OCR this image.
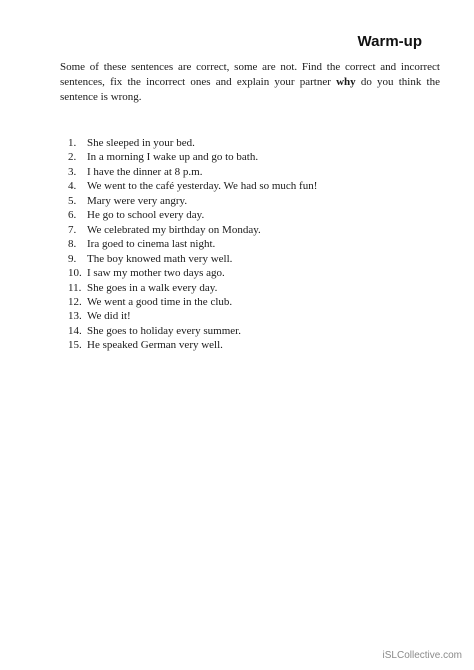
Warm-up

Some of these sentences are correct, some are not. Find the correct and incorrect sentences, fix the incorrect ones and explain your partner why do you think the sentence is wrong.

1. She sleeped in your bed.
2. In a morning I wake up and go to bath.
3. I have the dinner at 8 p.m.
4. We went to the café yesterday. We had so much fun!
5. Mary were very angry.
6. He go to school every day.
7. We celebrated my birthday on Monday.
8. Ira goed to cinema last night.
9. The boy knowed math very well.
10. I saw my mother two days ago.
11. She goes in a walk every day.
12. We went a good time in the club.
13. We did it!
14. She goes to holiday every summer.
15. He speaked German very well.
iSLCollective.com
